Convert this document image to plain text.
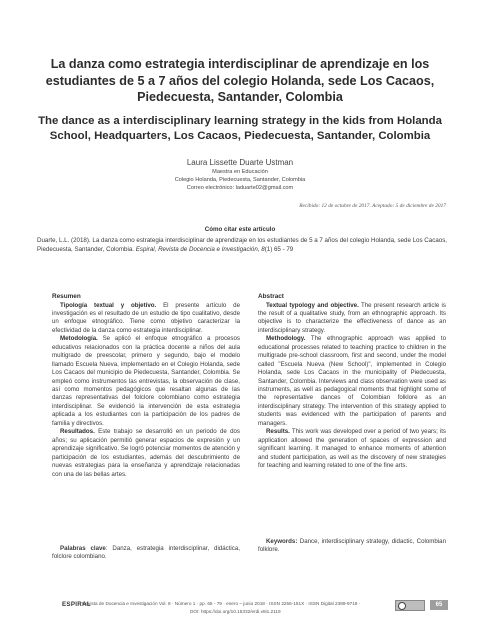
La danza como estrategia interdisciplinar de aprendizaje en los estudiantes de 5 a 7 años del colegio Holanda, sede Los Cacaos, Piedecuesta, Santander, Colombia
The dance as a interdisciplinary learning strategy in the kids from Holanda School, Headquarters, Los Cacaos, Piedecuesta, Santander, Colombia
Laura Lissette Duarte Ustman
Maestra en Educación
Colegio Holanda, Piedecuesta, Santander, Colombia
Correo electrónico: laduarte02@gmail.com
Recibido: 12 de octubre de 2017. Aceptado: 5 de diciembre de 2017
Cómo citar este artículo
Duarte, L.L. (2018). La danza como estrategia interdisciplinar de aprendizaje en los estudiantes de 5 a 7 años del colegio Holanda, sede Los Cacaos, Piedecuesta, Santander, Colombia. Espiral, Revista de Docencia e Investigación, 8(1) 65 - 79
Resumen

Tipología textual y objetivo. El presente artículo de investigación es el resultado de un estudio de tipo cualitativo, desde un enfoque etnográfico. Tiene como objetivo caracterizar la efectividad de la danza como estrategia interdisciplinar.

Metodología. Se aplicó el enfoque etnográfico a procesos educativos relacionados con la práctica docente a niños del aula multigrado de preescolar, primero y segundo, bajo el modelo llamado Escuela Nueva, implementado en el Colegio Holanda, sede Los Cacaos del municipio de Piedecuesta, Santander, Colombia. Se empleó como instrumentos las entrevistas, la observación de clase, así como momentos pedagógicos que resaltan algunas de las danzas representativas del folclore colombiano como estrategia interdisciplinar. Se evidenció la intervención de esta estrategia aplicada a los estudiantes con la participación de los padres de familia y directivos.

Resultados. Este trabajo se desarrolló en un periodo de dos años; su aplicación permitió generar espacios de expresión y un aprendizaje significativo. Se logró potenciar momentos de atención y participación de los estudiantes, además del descubrimiento de nuevas estrategias para la enseñanza y aprendizaje relacionadas con una de las bellas artes.

Palabras clave: Danza, estrategia interdisciplinar, didáctica, folclore colombiano.
Abstract

Textual typology and objective. The present research article is the result of a qualitative study, from an ethnographic approach. Its objective is to characterize the effectiveness of dance as an interdisciplinary strategy.

Methodology. The ethnographic approach was applied to educational processes related to teaching practice to children in the multigrade pre-school classroom, first and second, under the model called "Escuela Nueva (New School)", implemented in Colegio Holanda, sede Los Cacaos in the municipality of Piedecuesta, Santander, Colombia. Interviews and class observation were used as instruments, as well as pedagogical moments that highlight some of the representative dances of Colombian folklore as an interdisciplinary strategy. The intervention of this strategy applied to students was evidenced with the participation of parents and managers.

Results. This work was developed over a period of two years; its application allowed the generation of spaces of expression and significant learning. It managed to enhance moments of attention and student participation, as well as the discovery of new strategies for teaching and learning related to one of the fine arts.

Keywords: Dance, interdisciplinary strategy, didactic, Colombian folklore.
ESPIRAL
Revista de Docencia e Investigación Vol. 8 · Número 1 · pp. 65 - 79 · enero – junio 2018 · ISSN 2256-151X · ISSN Digital 2389-9719 ·
DOI: https://doi.org/10.15332/erdi.v8i1.2119
65
